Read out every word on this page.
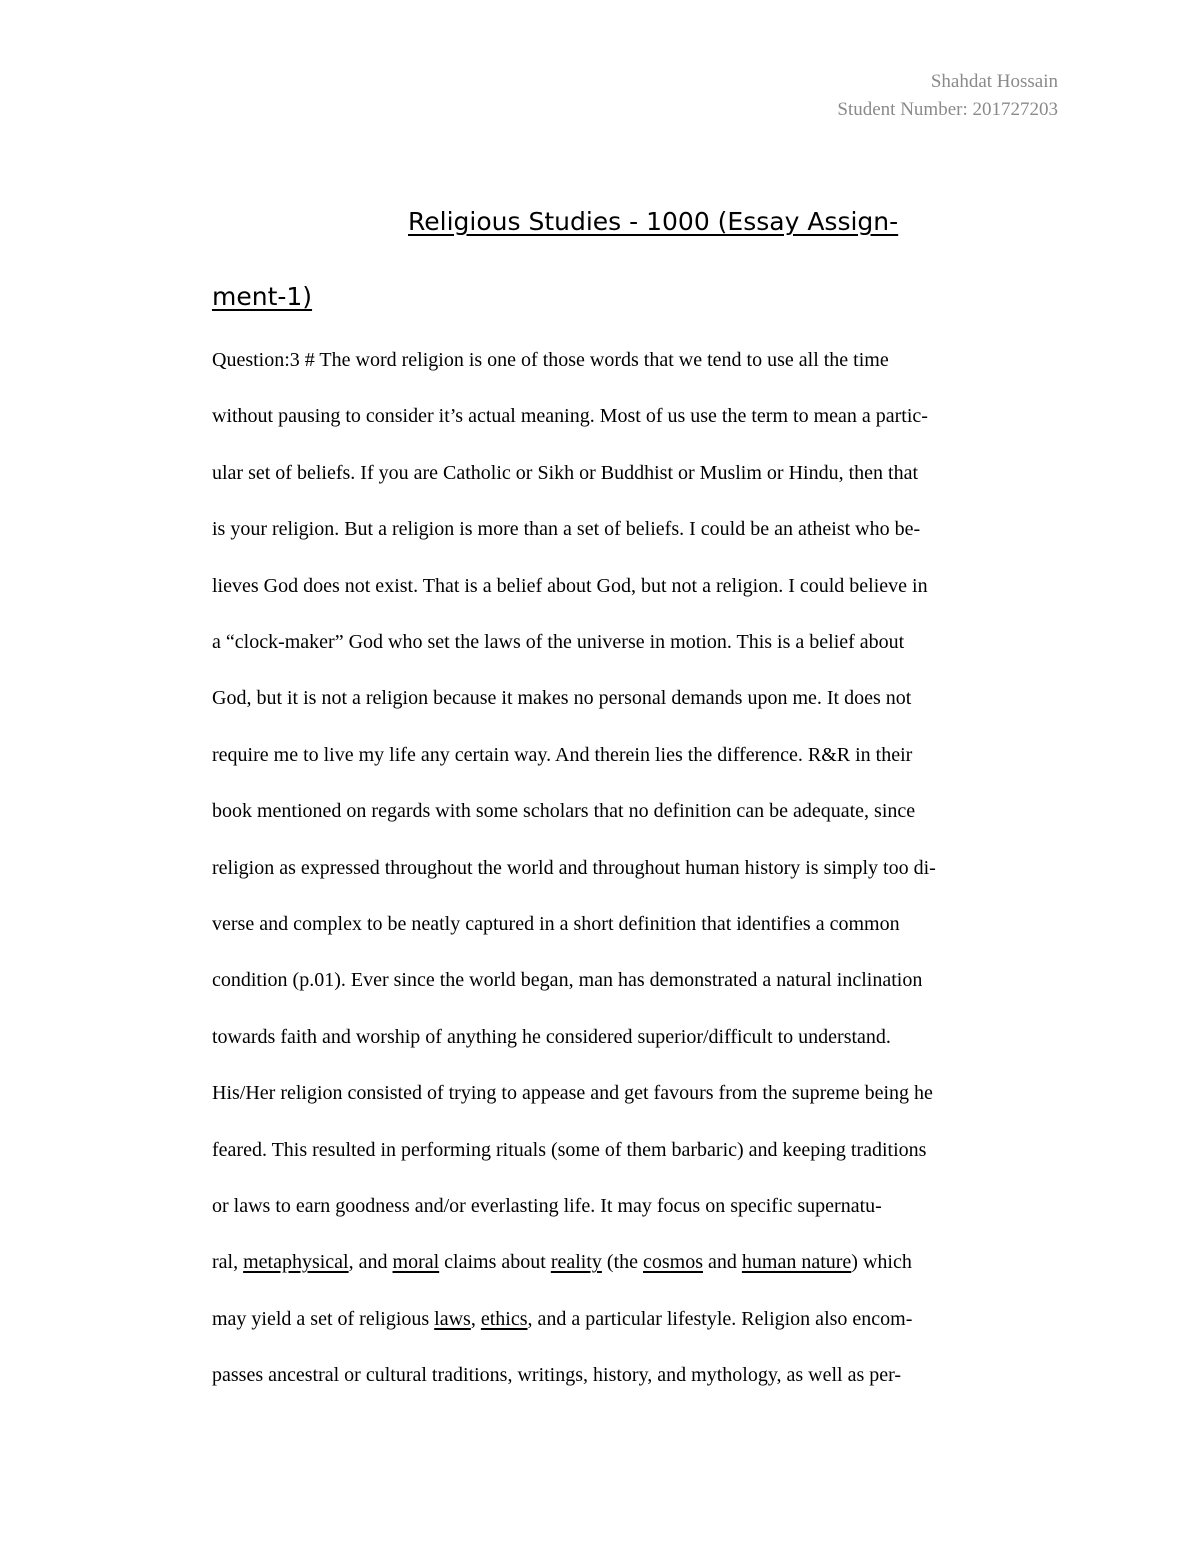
Shahdat Hossain
Student Number: 201727203
Religious Studies - 1000 (Essay Assign-
ment-1)
Question:3 # The word religion is one of those words that we tend to use all the time
without pausing to consider it’s actual meaning. Most of us use the term to mean a partic-
ular set of beliefs. If you are Catholic or Sikh or Buddhist or Muslim or Hindu, then that
is your religion. But a religion is more than a set of beliefs. I could be an atheist who be-
lieves God does not exist. That is a belief about God, but not a religion. I could believe in
a “clock-maker” God who set the laws of the universe in motion. This is a belief about
God, but it is not a religion because it makes no personal demands upon me. It does not
require me to live my life any certain way. And therein lies the difference. R&R in their
book mentioned on regards with some scholars that no definition can be adequate, since
religion as expressed throughout the world and throughout human history is simply too di-
verse and complex to be neatly captured in a short definition that identifies a common
condition (p.01). Ever since the world began, man has demonstrated a natural inclination
towards faith and worship of anything he considered superior/difficult to understand.
His/Her religion consisted of trying to appease and get favours from the supreme being he
feared. This resulted in performing rituals (some of them barbaric) and keeping traditions
or laws to earn goodness and/or everlasting life. It may focus on specific supernatu-
ral, metaphysical, and moral claims about reality (the cosmos and human nature) which
may yield a set of religious laws, ethics, and a particular lifestyle. Religion also encom-
passes ancestral or cultural traditions, writings, history, and mythology, as well as per-
